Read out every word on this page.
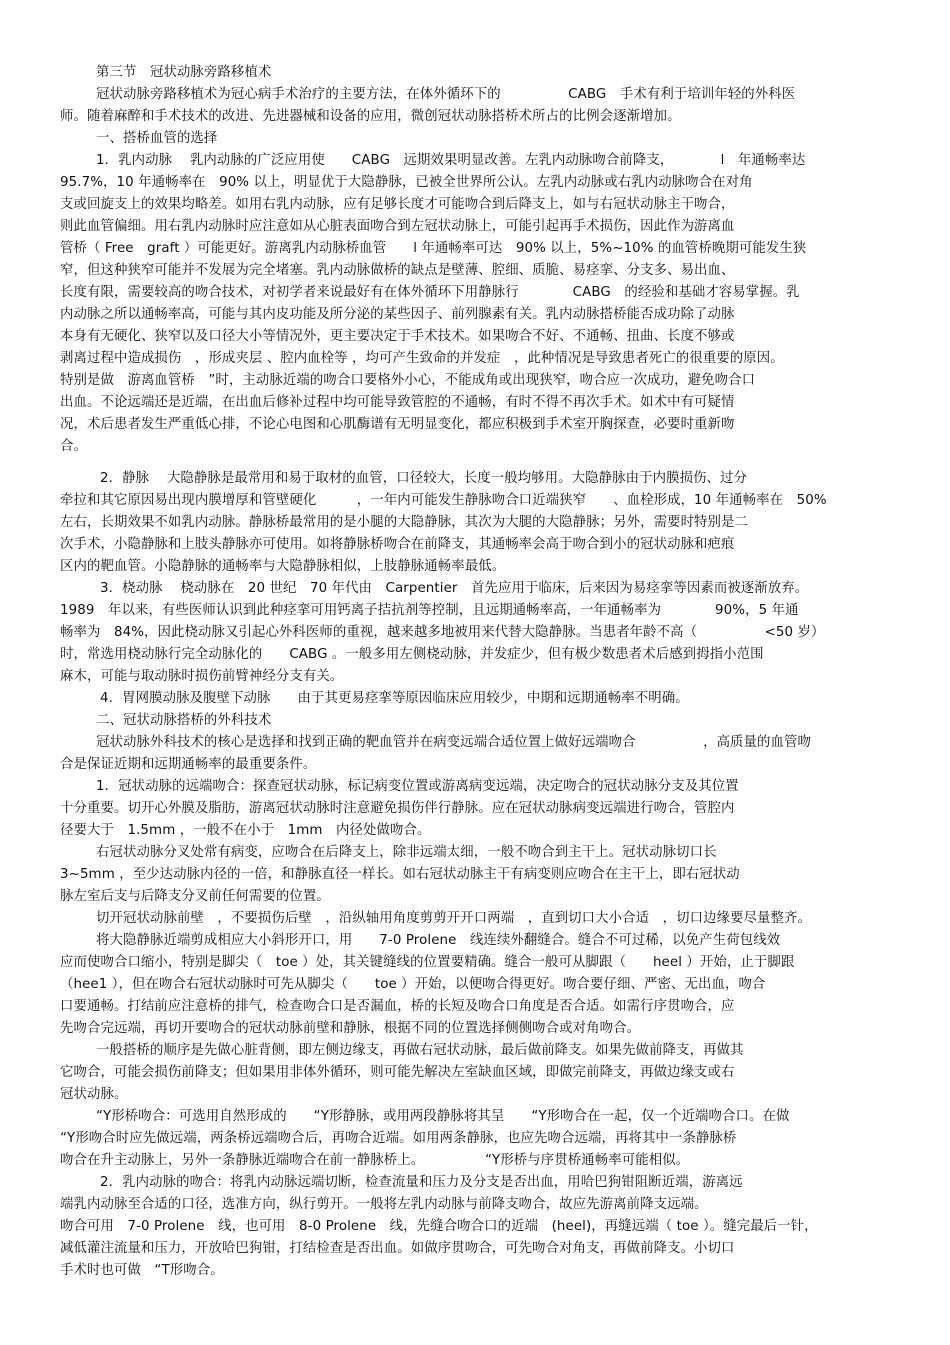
第三节　冠状动脉旁路移植术
冠状动脉旁路移植术为冠心病手术治疗的主要方法，在体外循环下的　　　　　CABG　手术有利于培训年轻的外科医
师。随着麻醉和手术技术的改进、先进器械和设备的应用，微创冠状动脉搭桥术所占的比例会逐渐增加。
一、搭桥血管的选择
1．乳内动脉　 乳内动脉的广泛应用使　　CABG　远期效果明显改善。左乳内动脉吻合前降支，　　　　l　年通畅率达
95.7%，10 年通畅率在　90% 以上，明显优于大隐静脉，已被全世界所公认。左乳内动脉或右乳内动脉吻合在对角
支或回旋支上的效果均略差。如用右乳内动脉，应有足够长度才可能吻合到后降支上，如与右冠状动脉主干吻合，
则此血管偏细。用右乳内动脉时应注意如从心脏表面吻合到左冠状动脉上，可能引起再手术损伤，因此作为游离血
管桥（ Free　graft ）可能更好。游离乳内动脉桥血管　　l 年通畅率可达　90% 以上，5%~10% 的血管桥晚期可能发生狭
窄，但这种狭窄可能并不发展为完全堵塞。乳内动脉做桥的缺点是壁薄、腔细、质脆、易痉挛、分支多、易出血、
长度有限，需要较高的吻合技术，对初学者来说最好有在体外循环下用静脉行　　　　CABG　的经验和基础才容易掌握。乳
内动脉之所以通畅率高，可能与其内皮功能及所分泌的某些因子、前列腺素有关。乳内动脉搭桥能否成功除了动脉
本身有无硬化、狭窄以及口径大小等情况外，更主要决定于手术技术。如果吻合不好、不通畅、扭曲、长度不够或
剥离过程中造成损伤　，形成夹层 、腔内血栓等 ，均可产生致命的并发症　，此种情况是导致患者死亡的很重要的原因。
特别是做　游离血管桥　”时，主动脉近端的吻合口要格外小心，不能成角或出现狭窄，吻合应一次成功，避免吻合口
出血。不论远端还是近端，在出血后修补过程中均可能导致管腔的不通畅，有时不得不再次手术。如术中有可疑情
况，术后患者发生严重低心排，不论心电图和心肌酶谱有无明显变化，都应积极到手术室开胸探查，必要时重新吻
合。
2．静脉　 大隐静脉是最常用和易于取材的血管，口径较大，长度一般均够用。大隐静脉由于内膜损伤、过分
牵拉和其它原因易出现内膜增厚和管壁硬化　　　，一年内可能发生静脉吻合口近端狭窄　　、血栓形成，10 年通畅率在　50%
左右，长期效果不如乳内动脉。静脉桥最常用的是小腿的大隐静脉，其次为大腿的大隐静脉；另外，需要时特别是二
次手术，小隐静脉和上肢头静脉亦可使用。如将静脉桥吻合在前降支，其通畅率会高于吻合到小的冠状动脉和疤痕
区内的靶血管。小隐静脉的通畅率与大隐静脉相似，上肢静脉通畅率最低。
3．桡动脉　 桡动脉在　20 世纪　70 年代由　Carpentier　首先应用于临床，后来因为易痉挛等因素而被逐渐放弃。
1989　年以来，有些医师认识到此种痉挛可用钙离子拮抗剂等控制，且远期通畅率高，一年通畅率为　　　　90%，5 年通
畅率为　84%，因此桡动脉又引起心外科医师的重视，越来越多地被用来代替大隐静脉。当患者年龄不高（　　　　　<50 岁）
时，常选用桡动脉行完全动脉化的　　CABG 。一般多用左侧桡动脉，并发症少，但有极少数患者术后感到拇指小范围
麻木，可能与取动脉时损伤前臂神经分支有关。
4．胃网膜动脉及腹壁下动脉　　由于其更易痉挛等原因临床应用较少，中期和远期通畅率不明确。
二、冠状动脉搭桥的外科技术
冠状动脉外科技术的核心是选择和找到正确的靶血管并在病变远端合适位置上做好远端吻合　　　　　，高质量的血管吻
合是保证近期和远期通畅率的最重要条件。
1．冠状动脉的远端吻合：探查冠状动脉，标记病变位置或游离病变远端，决定吻合的冠状动脉分支及其位置
十分重要。切开心外膜及脂肪，游离冠状动脉时注意避免损伤伴行静脉。应在冠状动脉病变远端进行吻合，管腔内
径要大于　1.5mm ，一般不在小于　1mm　内径处做吻合。
右冠状动脉分叉处常有病变，应吻合在后降支上，除非远端太细，一般不吻合到主干上。冠状动脉切口长
3~5mm ，至少达动脉内径的一倍，和静脉直径一样长。如右冠状动脉主干有病变则应吻合在主干上，即右冠状动
脉左室后支与后降支分叉前任何需要的位置。
切开冠状动脉前壁　，不要损伤后壁　，沿纵轴用角度剪剪开开口两端　，直到切口大小合适　，切口边缘要尽量整齐。
将大隐静脉近端剪成相应大小斜形开口，用　　7-0 Prolene　线连续外翻缝合。缝合不可过稀，以免产生荷包线效
应而使吻合口缩小，特别是脚尖（　toe ）处，其关键缝线的位置要精确。缝合一般可从脚跟（　　heel ）开始，止于脚跟
（hee1 ），但在吻合右冠状动脉时可先从脚尖（　　toe ）开始，以便吻合得更好。吻合要仔细、严密、无出血，吻合
口要通畅。打结前应注意桥的排气，检查吻合口是否漏血，桥的长短及吻合口角度是否合适。如需行序贯吻合，应
先吻合完远端，再切开要吻合的冠状动脉前壁和静脉，根据不同的位置选择侧侧吻合或对角吻合。
一般搭桥的顺序是先做心脏背侧，即左侧边缘支，再做右冠状动脉，最后做前降支。如果先做前降支，再做其
它吻合，可能会损伤前降支；但如果用非体外循环，则可能先解决左室缺血区域，即做完前降支，再做边缘支或右
冠状动脉。
“Y形桥吻合：可选用自然形成的　　“Y形静脉，或用两段静脉将其呈　　“Y形吻合在一起，仅一个近端吻合口。在做
“Y形吻合时应先做远端，两条桥远端吻合后，再吻合近端。如用两条静脉，也应先吻合远端，再将其中一条静脉桥
吻合在升主动脉上，另外一条静脉近端吻合在前一静脉桥上。　　　　　“Y形桥与序贯桥通畅率可能相似。
2．乳内动脉的吻合：将乳内动脉远端切断，检查流量和压力及分支是否出血，用哈巴狗钳阻断近端，游离远
端乳内动脉至合适的口径，选准方向，纵行剪开。一般将左乳内动脉与前降支吻合，故应先游离前降支远端。
吻合可用　7-0 Prolene　线，也可用　8-0 Prolene　线，先缝合吻合口的近端　(heel)，再缝远端（ toe ）。缝完最后一针，
减低灌注流量和压力，开放哈巴狗钳，打结检查是否出血。如做序贯吻合，可先吻合对角支，再做前降支。小切口
手术时也可做　“T形吻合。
